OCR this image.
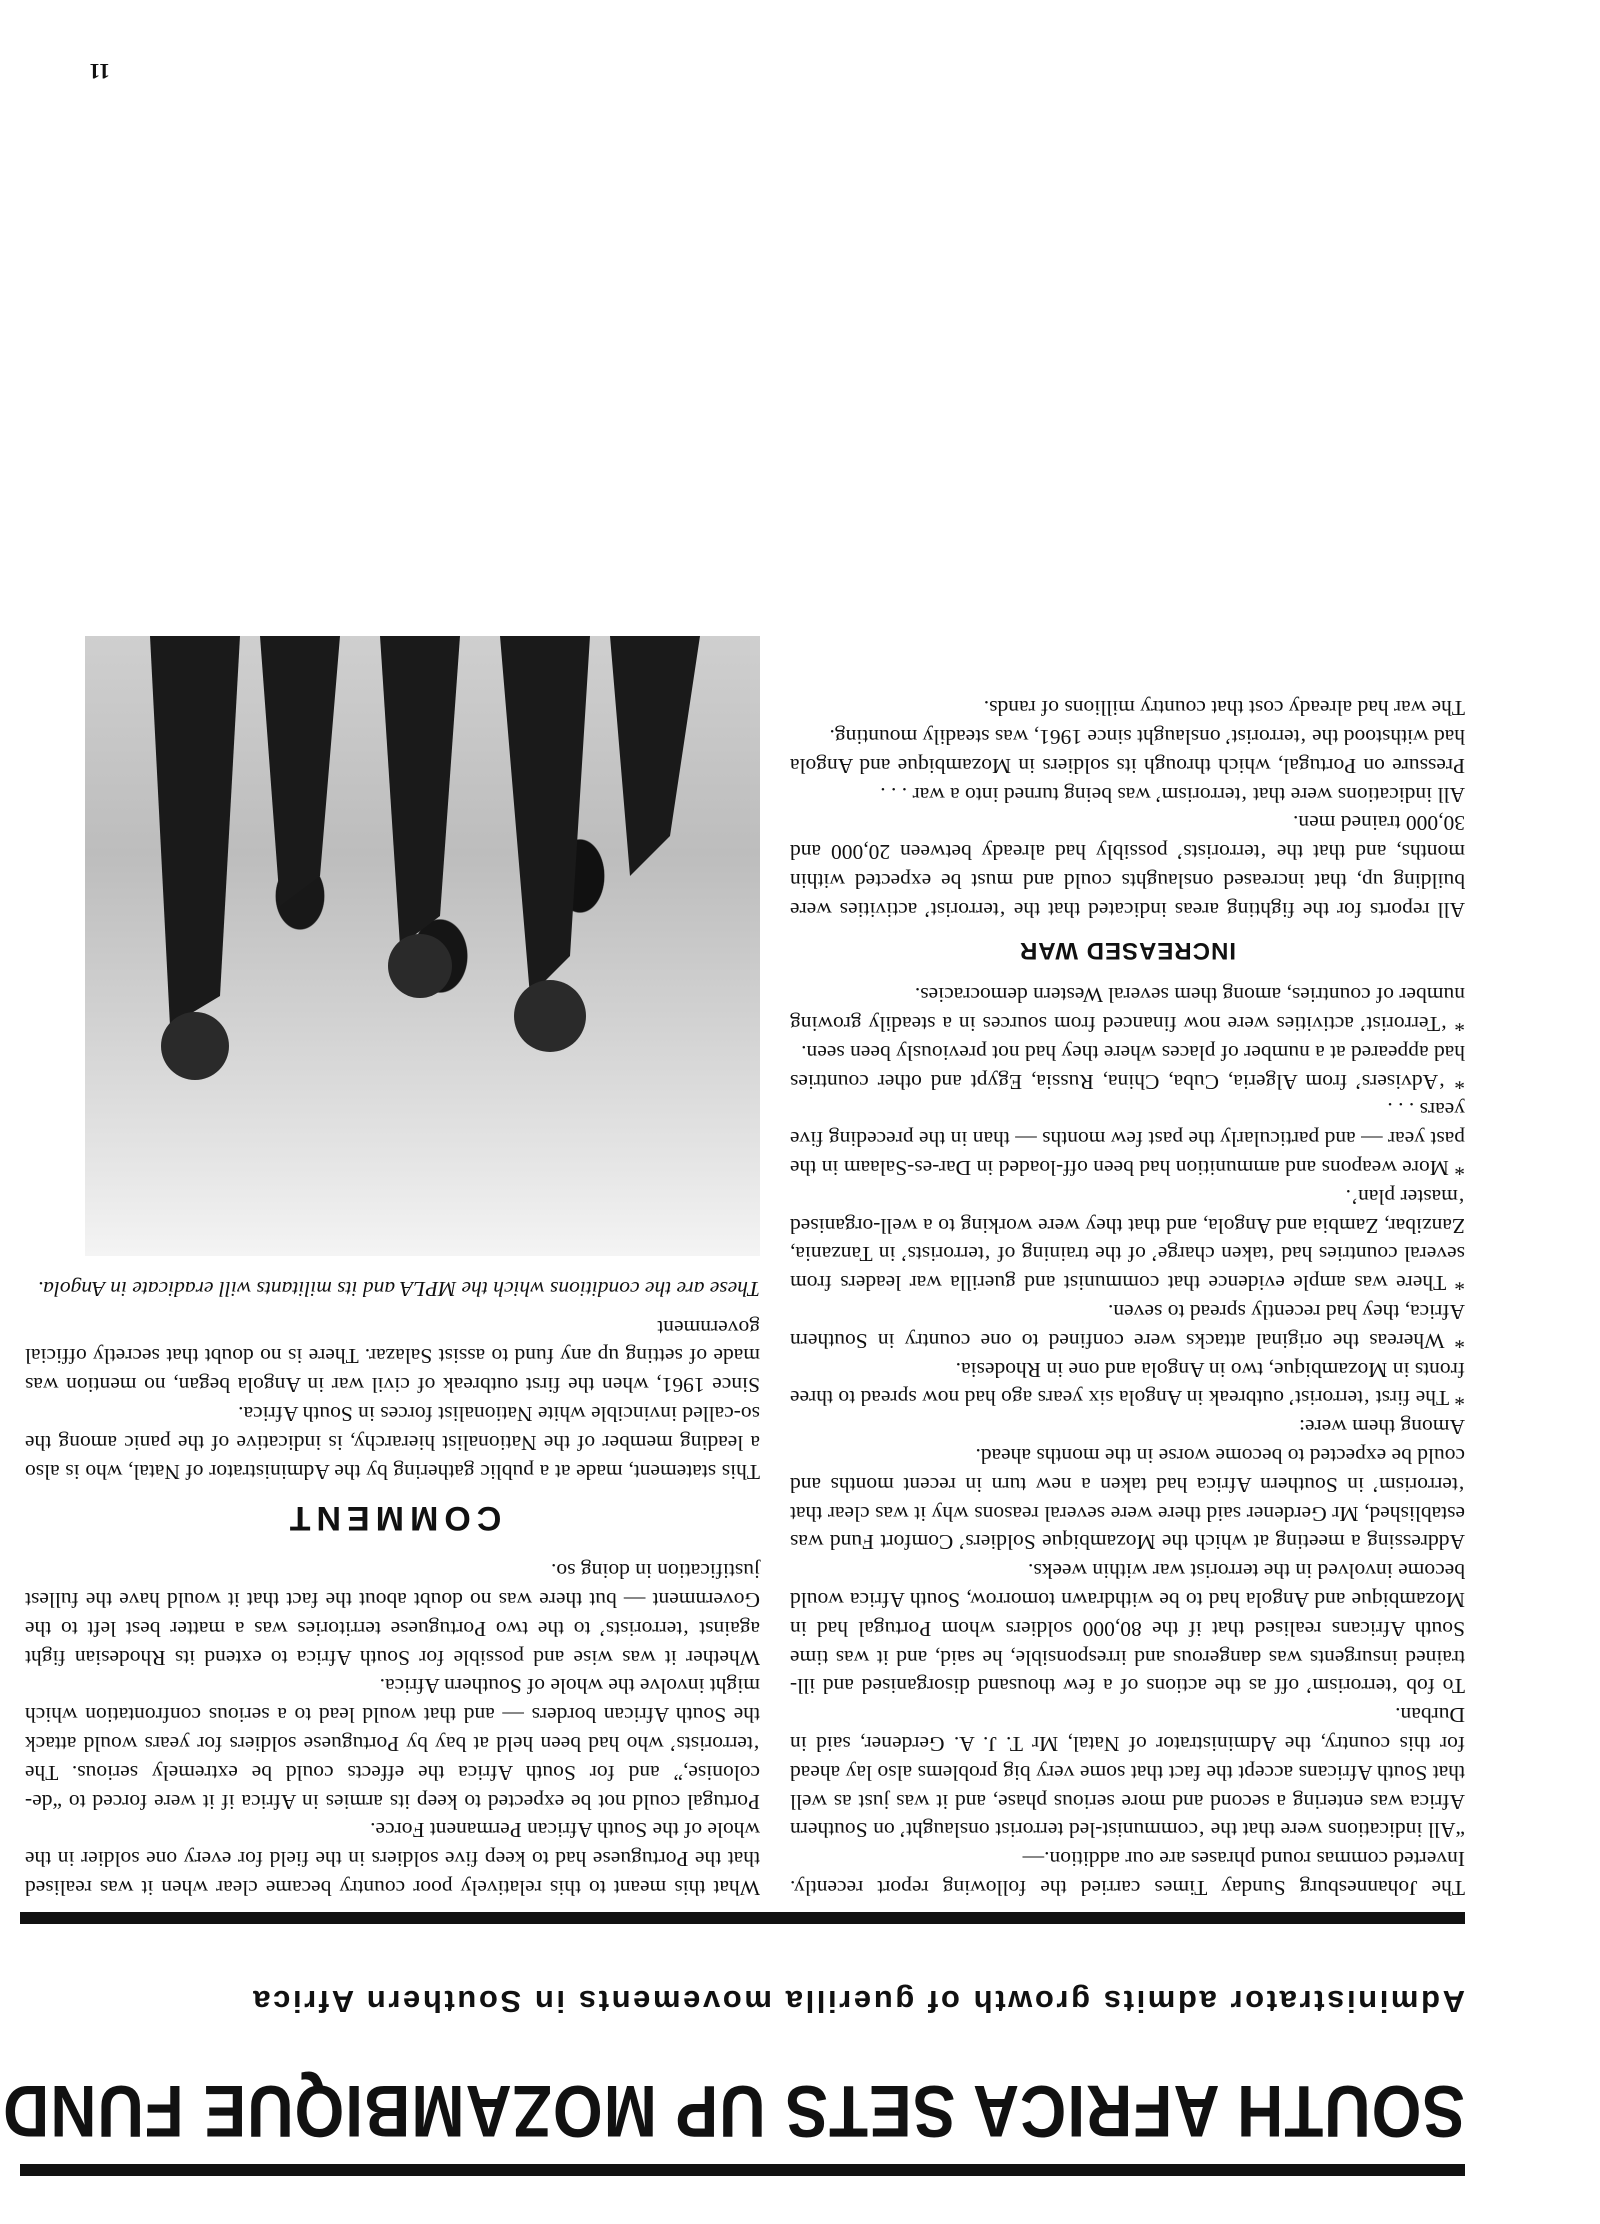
SOUTH AFRICA SETS UP MOZAMBIQUE FUND
Administrator admits growth of guerilla movements in Southern Africa

The Johannesburg Sunday Times carried the following report recently. Inverted commas round phrases are our addition.—

“All indications were that the ‘communist-led terrorist onslaught’ on Southern Africa was entering a second and more serious phase, and it was just as well that South Africans accept the fact that some very big problems also lay ahead for this country, the Administrator of Natal, Mr T. J. A. Gerdener, said in Durban.

To fob ‘terrorism’ off as the actions of a few thousand disorganised and ill-trained insurgents was dangerous and irresponsible, he said, and it was time South Africans realised that if the 80,000 soldiers whom Portugal had in Mozambique and Angola had to be withdrawn tomorrow, South Africa would become involved in the terrorist war within weeks.

Addressing a meeting at which the Mozambique Soldiers’ Comfort Fund was established, Mr Gerdener said there were several reasons why it was clear that ‘terrorism’ in Southern Africa had taken a new turn in recent months and could be expected to become worse in the months ahead.

Among them were:

* The first ‘terrorist’ outbreak in Angola six years ago had now spread to three fronts in Mozambique, two in Angola and one in Rhodesia.

* Whereas the original attacks were confined to one country in Southern Africa, they had recently spread to seven.

* There was ample evidence that communist and guerilla war leaders from several countries had ‘taken charge’ of the training of ‘terrorists’ in Tanzania, Zanzibar, Zambia and Angola, and that they were working to a well-organised ‘master plan’.

* More weapons and ammunition had been off-loaded in Dar-es-Salaam in the past year — and particularly the past few months — than in the preceding five years . . .

* ‘Advisers’ from Algeria, Cuba, China, Russia, Egypt and other countries had appeared at a number of places where they had not previously been seen.

* ‘Terrorist’ activities were now financed from sources in a steadily growing number of countries, among them several Western democracies.

INCREASED WAR

All reports for the fighting areas indicated that the ‘terrorist’ activities were building up, that increased onslaughts could and must be expected within months, and that the ‘terrorists’ possibly had already between 20,000 and 30,000 trained men.

All indications were that ‘terrorism’ was being turned into a war . . .

Pressure on Portugal, which through its soldiers in Mozambique and Angola had withstood the ‘terrorist’ onslaught since 1961, was steadily mounting.

The war had already cost that country millions of rands.

What this meant to this relatively poor country became clear when it was realised that the Portuguese had to keep five soldiers in the field for every one soldier in the whole of the South African Permanent Force.

Portugal could not be expected to keep its armies in Africa if it were forced to “de-colonise,” and for South Africa the effects could be extremely serious. The ‘terrorists’ who had been held at bay by Portuguese soldiers for years would attack the South African borders — and that would lead to a serious confrontation which might involve the whole of Southern Africa.

Whether it was wise and possible for South Africa to extend its Rhodesian fight against ‘terrorists’ to the two Portuguese territories was a matter best left to the Government — but there was no doubt about the fact that it would have the fullest justification in doing so.

COMMENT

This statement, made at a public gathering by the Administrator of Natal, who is also a leading member of the Nationalist hierarchy, is indicative of the panic among the so-called invincible white Nationalist forces in South Africa.

Since 1961, when the first outbreak of civil war in Angola began, no mention was made of setting up any fund to assist Salazar. There is no doubt that secretly official government

These are the conditions which the MPLA and its militants will eradicate in Angola.

11
